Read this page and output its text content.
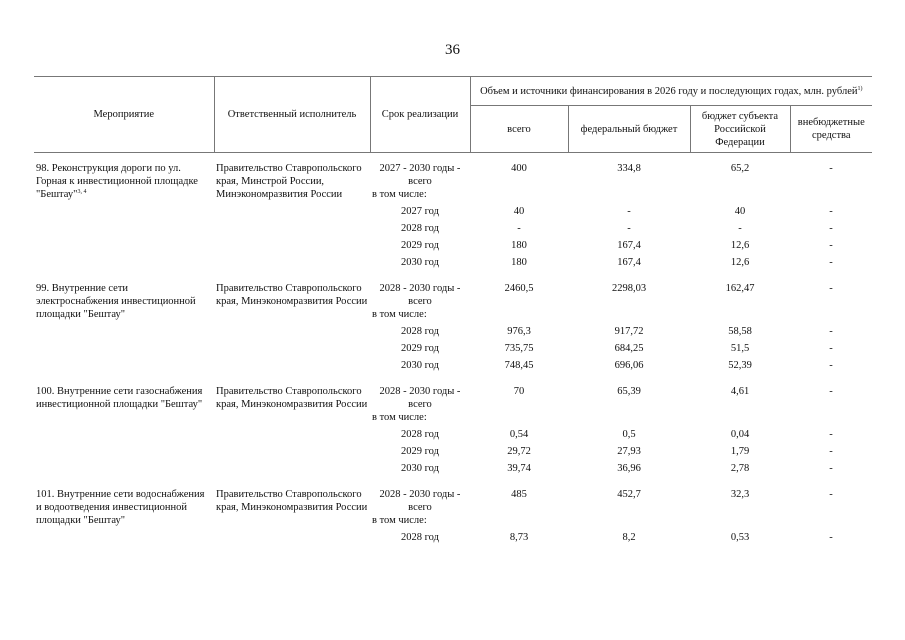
36
Мероприятие	Ответственный исполнитель	Срок реализации	Объем и источники финансирования в 2026 году и последующих годах, млн. рублей$^{1)}$
			всего	федеральный бюджет	бюджет субъекта Российской Федерации	внебюджетные средства

98. Реконструкция дороги по ул. Горная к инвестиционной площадке "Бештау"$^{3, 4}$	Правительство Ставропольского края, Минстрой России, Минэкономразвития России	2027 - 2030 годы - всего	400	334,8	65,2	-
		в том числе:				
		2027 год	40	-	40	-
		2028 год	-	-	-	-
		2029 год	180	167,4	12,6	-
		2030 год	180	167,4	12,6	-

99. Внутренние сети электроснабжения инвестиционной площадки "Бештау"	Правительство Ставропольского края, Минэкономразвития России	2028 - 2030 годы - всего	2460,5	2298,03	162,47	-
		в том числе:				
		2028 год	976,3	917,72	58,58	-
		2029 год	735,75	684,25	51,5	-
		2030 год	748,45	696,06	52,39	-

100. Внутренние сети газоснабжения инвестиционной площадки "Бештау"	Правительство Ставропольского края, Минэкономразвития России	2028 - 2030 годы - всего	70	65,39	4,61	-
		в том числе:				
		2028 год	0,54	0,5	0,04	-
		2029 год	29,72	27,93	1,79	-
		2030 год	39,74	36,96	2,78	-

101. Внутренние сети водоснабжения и водоотведения инвестиционной площадки "Бештау"	Правительство Ставропольского края, Минэкономразвития России	2028 - 2030 годы - всего	485	452,7	32,3	-
		в том числе:				
		2028 год	8,73	8,2	0,53	-
